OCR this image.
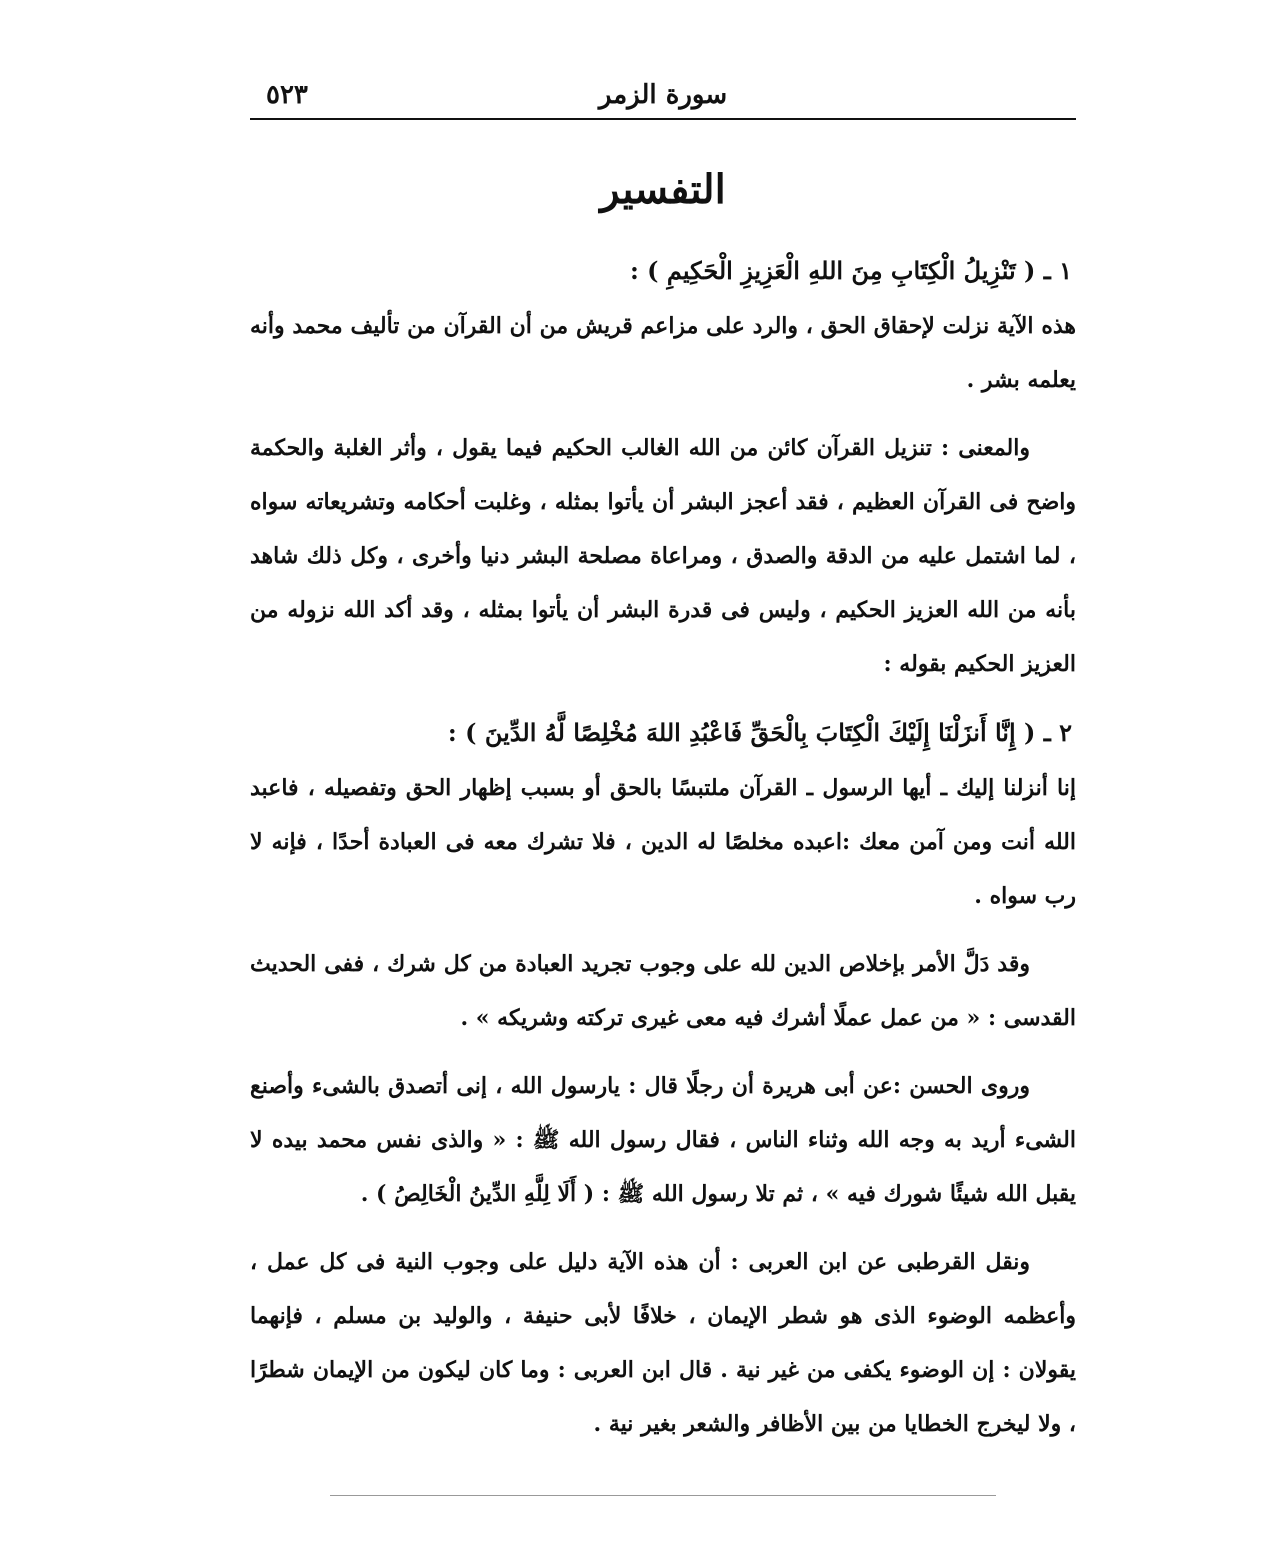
سورة الزمر
٥٢٣
التفسير
١ ـ ( تَنْزِيلُ الْكِتَابِ مِنَ اللهِ الْعَزِيزِ الْحَكِيمِ ) :

هذه الآية نزلت لإحقاق الحق ، والرد على مزاعم قريش من أن القرآن من تأليف محمد وأنه يعلمه بشر .

والمعنى : تنزيل القرآن كائن من الله الغالب الحكيم فيما يقول ، وأثر الغلبة والحكمة واضح فى القرآن العظيم ، فقد أعجز البشر أن يأتوا بمثله ، وغلبت أحكامه وتشريعاته سواه ، لما اشتمل عليه من الدقة والصدق ، ومراعاة مصلحة البشر دنيا وأخرى ، وكل ذلك شاهد بأنه من الله العزيز الحكيم ، وليس فى قدرة البشر أن يأتوا بمثله ، وقد أكد الله نزوله من العزيز الحكيم بقوله :

٢ ـ ( إِنَّا أَنزَلْنَا إِلَيْكَ الْكِتَابَ بِالْحَقِّ فَاعْبُدِ اللهَ مُخْلِصًا لَّهُ الدِّينَ ) :

إنا أنزلنا إليك ـ أيها الرسول ـ القرآن ملتبسًا بالحق أو بسبب إظهار الحق وتفصيله ، فاعبد الله أنت ومن آمن معك :اعبده مخلصًا له الدين ، فلا تشرك معه فى العبادة أحدًا ، فإنه لا رب سواه .

وقد دَلَّ الأمر بإخلاص الدين لله على وجوب تجريد العبادة من كل شرك ، ففى الحديث القدسى : « من عمل عملًا أشرك فيه معى غيرى تركته وشريكه » .

وروى الحسن :عن أبى هريرة أن رجلًا قال : يارسول الله ، إنى أتصدق بالشىء وأصنع الشىء أريد به وجه الله وثناء الناس ، فقال رسول الله ﷺ : « والذى نفس محمد بيده لا يقبل الله شيئًا شورك فيه » ، ثم تلا رسول الله ﷺ : ( أَلَا لِلَّهِ الدِّينُ الْخَالِصُ ) .

ونقل القرطبى عن ابن العربى : أن هذه الآية دليل على وجوب النية فى كل عمل ، وأعظمه الوضوء الذى هو شطر الإيمان ، خلافًا لأبى حنيفة ، والوليد بن مسلم ، فإنهما يقولان : إن الوضوء يكفى من غير نية . قال ابن العربى : وما كان ليكون من الإيمان شطرًا ، ولا ليخرج الخطايا من بين الأظافر والشعر بغير نية .
